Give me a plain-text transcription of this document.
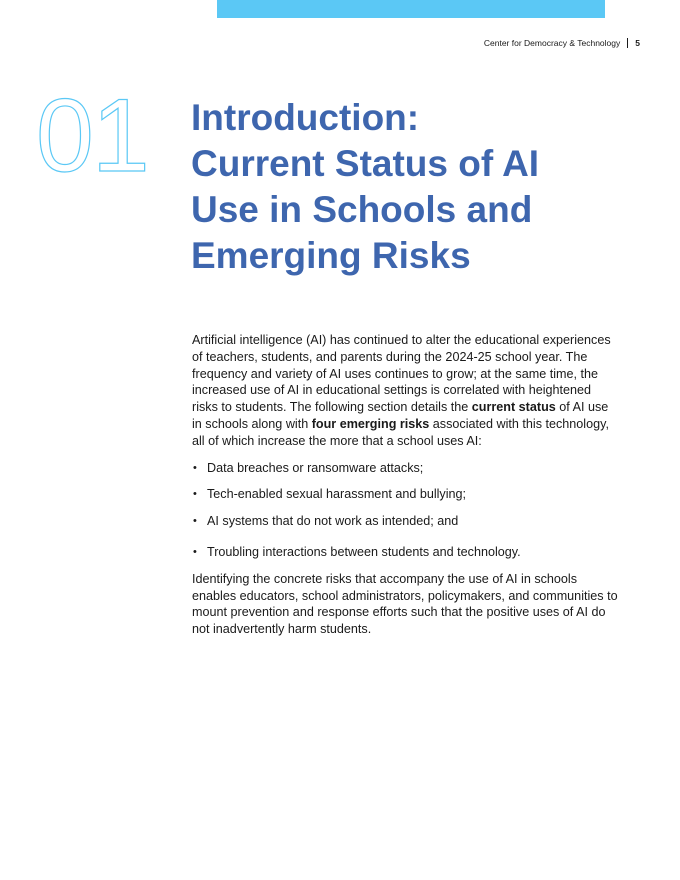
Center for Democracy & Technology 5
01 Introduction:
Current Status of AI
Use in Schools and
Emerging Risks

Artificial intelligence (AI) has continued to alter the educational experiences of teachers, students, and parents during the 2024-25 school year. The frequency and variety of AI uses continues to grow; at the same time, the increased use of AI in educational settings is correlated with heightened risks to students. The following section details the current status of AI use in schools along with four emerging risks associated with this technology, all of which increase the more that a school uses AI:

• Data breaches or ransomware attacks;
• Tech-enabled sexual harassment and bullying;
• AI systems that do not work as intended; and
• Troubling interactions between students and technology.

Identifying the concrete risks that accompany the use of AI in schools enables educators, school administrators, policymakers, and communities to mount prevention and response efforts such that the positive uses of AI do not inadvertently harm students.
